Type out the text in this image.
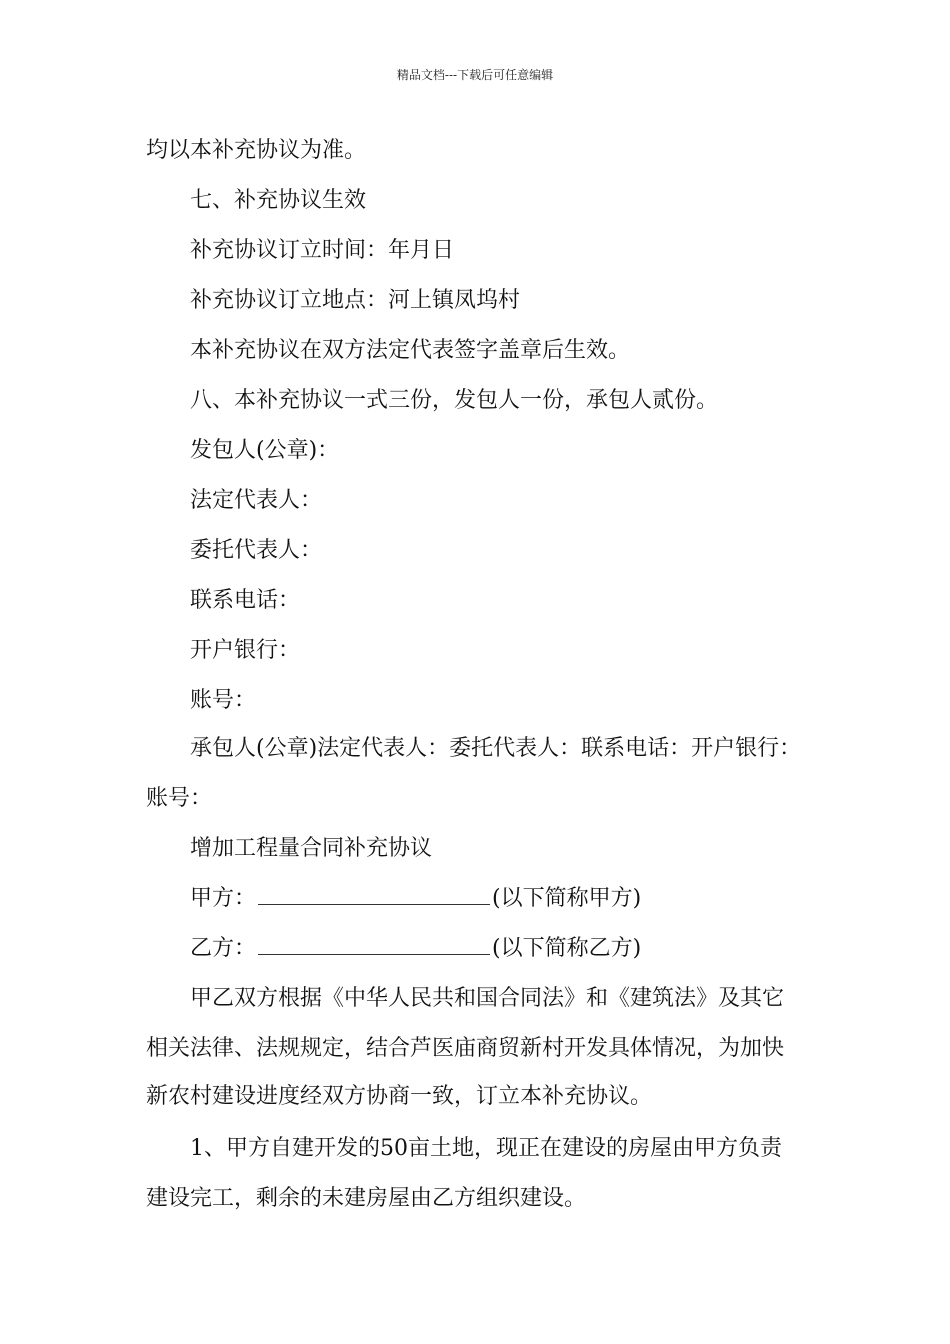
精品文档---下载后可任意编辑
均以本补充协议为准。
七、补充协议生效
补充协议订立时间：年月日
补充协议订立地点：河上镇凤坞村
本补充协议在双方法定代表签字盖章后生效。
八、本补充协议一式三份，发包人一份，承包人贰份。
发包人(公章)：
法定代表人：
委托代表人：
联系电话：
开户银行：
账号：
承包人(公章)法定代表人：委托代表人：联系电话：开户银行：
账号：
增加工程量合同补充协议
甲方：	(以下简称甲方)
乙方：	(以下简称乙方)
甲乙双方根据《中华人民共和国合同法》和《建筑法》及其它
相关法律、法规规定，结合芦医庙商贸新村开发具体情况，为加快
新农村建设进度经双方协商一致，订立本补充协议。
1、甲方自建开发的50亩土地，现正在建设的房屋由甲方负责
建设完工，剩余的未建房屋由乙方组织建设。
